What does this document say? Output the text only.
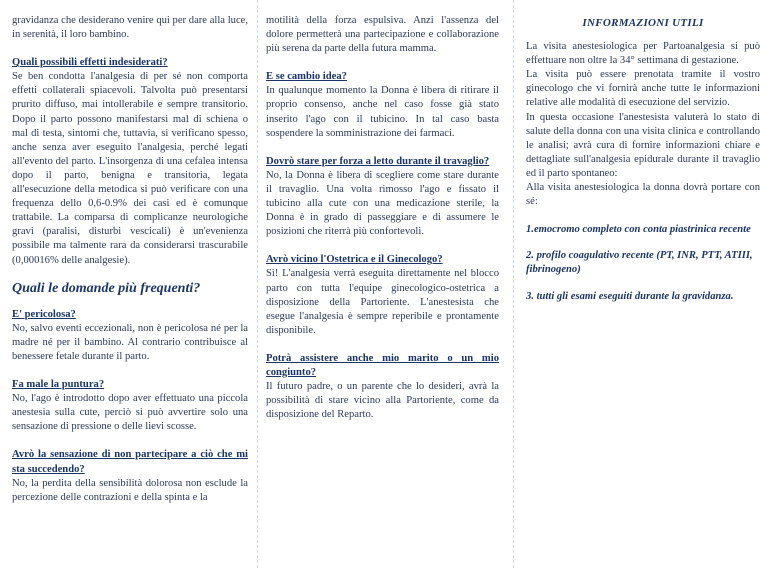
gravidanza che desiderano venire qui per dare alla luce, in serenità, il loro bambino.

Quali possibili effetti indesiderati?

Se ben condotta l'analgesia di per sé non comporta effetti collaterali spiacevoli. Talvolta può presentarsi prurito diffuso, mai intollerabile e sempre transitorio. Dopo il parto possono manifestarsi mal di schiena o mal di testa, sintomi che, tuttavia, si verificano spesso, anche senza aver eseguito l'analgesia, perché legati all'evento del parto. L'insorgenza di una cefalea intensa dopo il parto, benigna e transitoria, legata all'esecuzione della metodica si può verificare con una frequenza dello 0,6-0.9% dei casi ed è comunque trattabile. La comparsa di complicanze neurologiche gravi (paralisi, disturbi vescicali) è un'evenienza possibile ma talmente rara da considerarsi trascurabile (0,00016% delle analgesie).

Quali le domande più frequenti?

E' pericolosa?

No, salvo eventi eccezionali, non è pericolosa né per la madre né per il bambino. Al contrario contribuisce al benessere fetale durante il parto.

Fa male la puntura?

No, l'ago è introdotto dopo aver effettuato una piccola anestesia sulla cute, perciò si può avvertire solo una sensazione di pressione o delle lievi scosse.

Avrò la sensazione di non partecipare a ciò che mi sta succedendo?

No, la perdita della sensibilità dolorosa non esclude la percezione delle contrazioni e della spinta e la

motilità della forza espulsiva. Anzi l'assenza del dolore permetterà una partecipazione e collaborazione più serena da parte della futura mamma.

E se cambio idea?

In qualunque momento la Donna è libera di ritirare il proprio consenso, anche nel caso fosse già stato inserito l'ago con il tubicino. In tal caso basta sospendere la somministrazione dei farmaci.

Dovrò stare per forza a letto durante il travaglio?

No, la Donna è libera di scegliere come stare durante il travaglio. Una volta rimosso l'ago e fissato il tubicino alla cute con una medicazione sterile, la Donna è in grado di passeggiare e di assumere le posizioni che riterrà più confortevoli.

Avrò vicino l'Ostetrica e il Ginecologo?

Sì! L'analgesia verrà eseguita direttamente nel blocco parto con tutta l'equipe ginecologico-ostetrica a disposizione della Partoriente. L'anestesista che esegue l'analgesia è sempre reperibile e prontamente disponibile.

Potrà assistere anche mio marito o un mio congiunto?

Il futuro padre, o un parente che lo desideri, avrà la possibilità di stare vicino alla Partoriente, come da disposizione del Reparto.

INFORMAZIONI UTILI

La visita anestesiologica per Partoanalgesia si può effettuare non oltre la 34° settimana di gestazione.

La visita può essere prenotata tramite il vostro ginecologo che vi fornirà anche tutte le informazioni relative alle modalità di esecuzione del servizio.

In questa occasione l'anestesista valuterà lo stato di salute della donna con una visita clinica e controllando le analisi; avrà cura di fornire informazioni chiare e dettagliate sull'analgesia epidurale durante il travaglio ed il parto spontaneo:

Alla visita anestesiologica la donna dovrà portare con sé:

1.emocromo completo con conta piastrinica recente

2. profilo coagulativo recente (PT, INR, PTT, ATIII, fibrinogeno)

3. tutti gli esami eseguiti durante la gravidanza.
